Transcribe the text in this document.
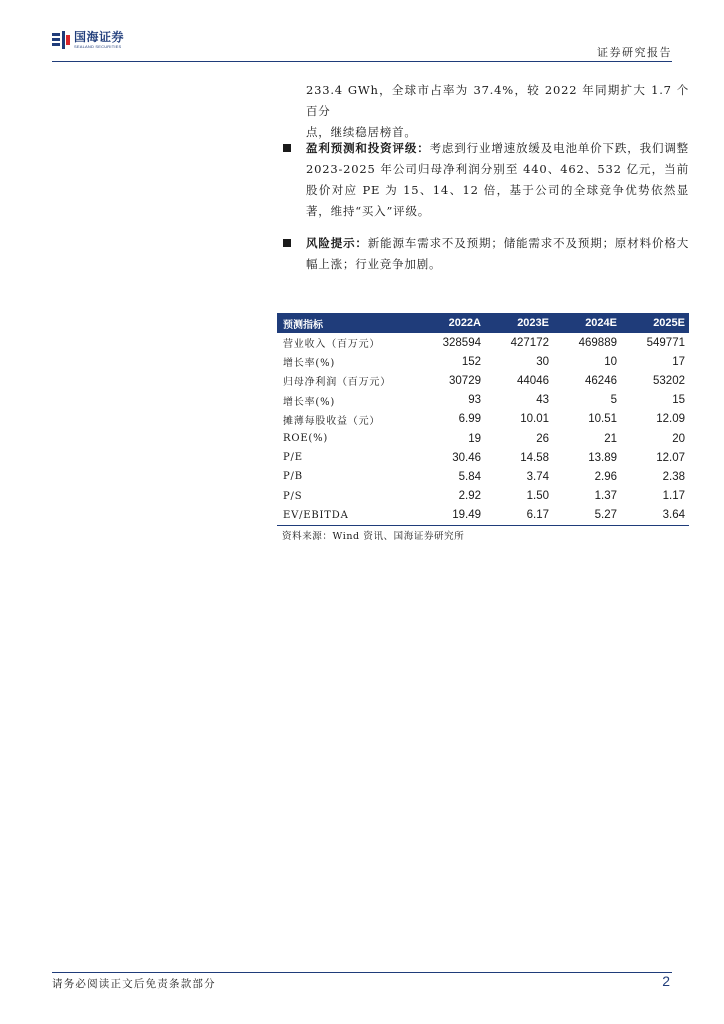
国海证券
SEALAND SECURITIES	证券研究报告
233.4 GWh，全球市占率为 37.4%，较 2022 年同期扩大 1.7 个百分
点，继续稳居榜首。
盈利预测和投资评级：考虑到行业增速放缓及电池单价下跌，我们调整 2023-2025 年公司归母净利润分别至 440、462、532 亿元，当前股价对应 PE 为 15、14、12 倍，基于公司的全球竞争优势依然显著，维持“买入”评级。
风险提示：新能源车需求不及预期；储能需求不及预期；原材料价格大幅上涨；行业竞争加剧。
预测指标	2022A	2023E	2024E	2025E
营业收入（百万元）	328594	427172	469889	549771
增长率(%)	152	30	10	17
归母净利润（百万元）	30729	44046	46246	53202
增长率(%)	93	43	5	15
摊薄每股收益（元）	6.99	10.01	10.51	12.09
ROE(%)	19	26	21	20
P/E	30.46	14.58	13.89	12.07
P/B	5.84	3.74	2.96	2.38
P/S	2.92	1.50	1.37	1.17
EV/EBITDA	19.49	6.17	5.27	3.64
资料来源：Wind 资讯、国海证券研究所
请务必阅读正文后免责条款部分	2
